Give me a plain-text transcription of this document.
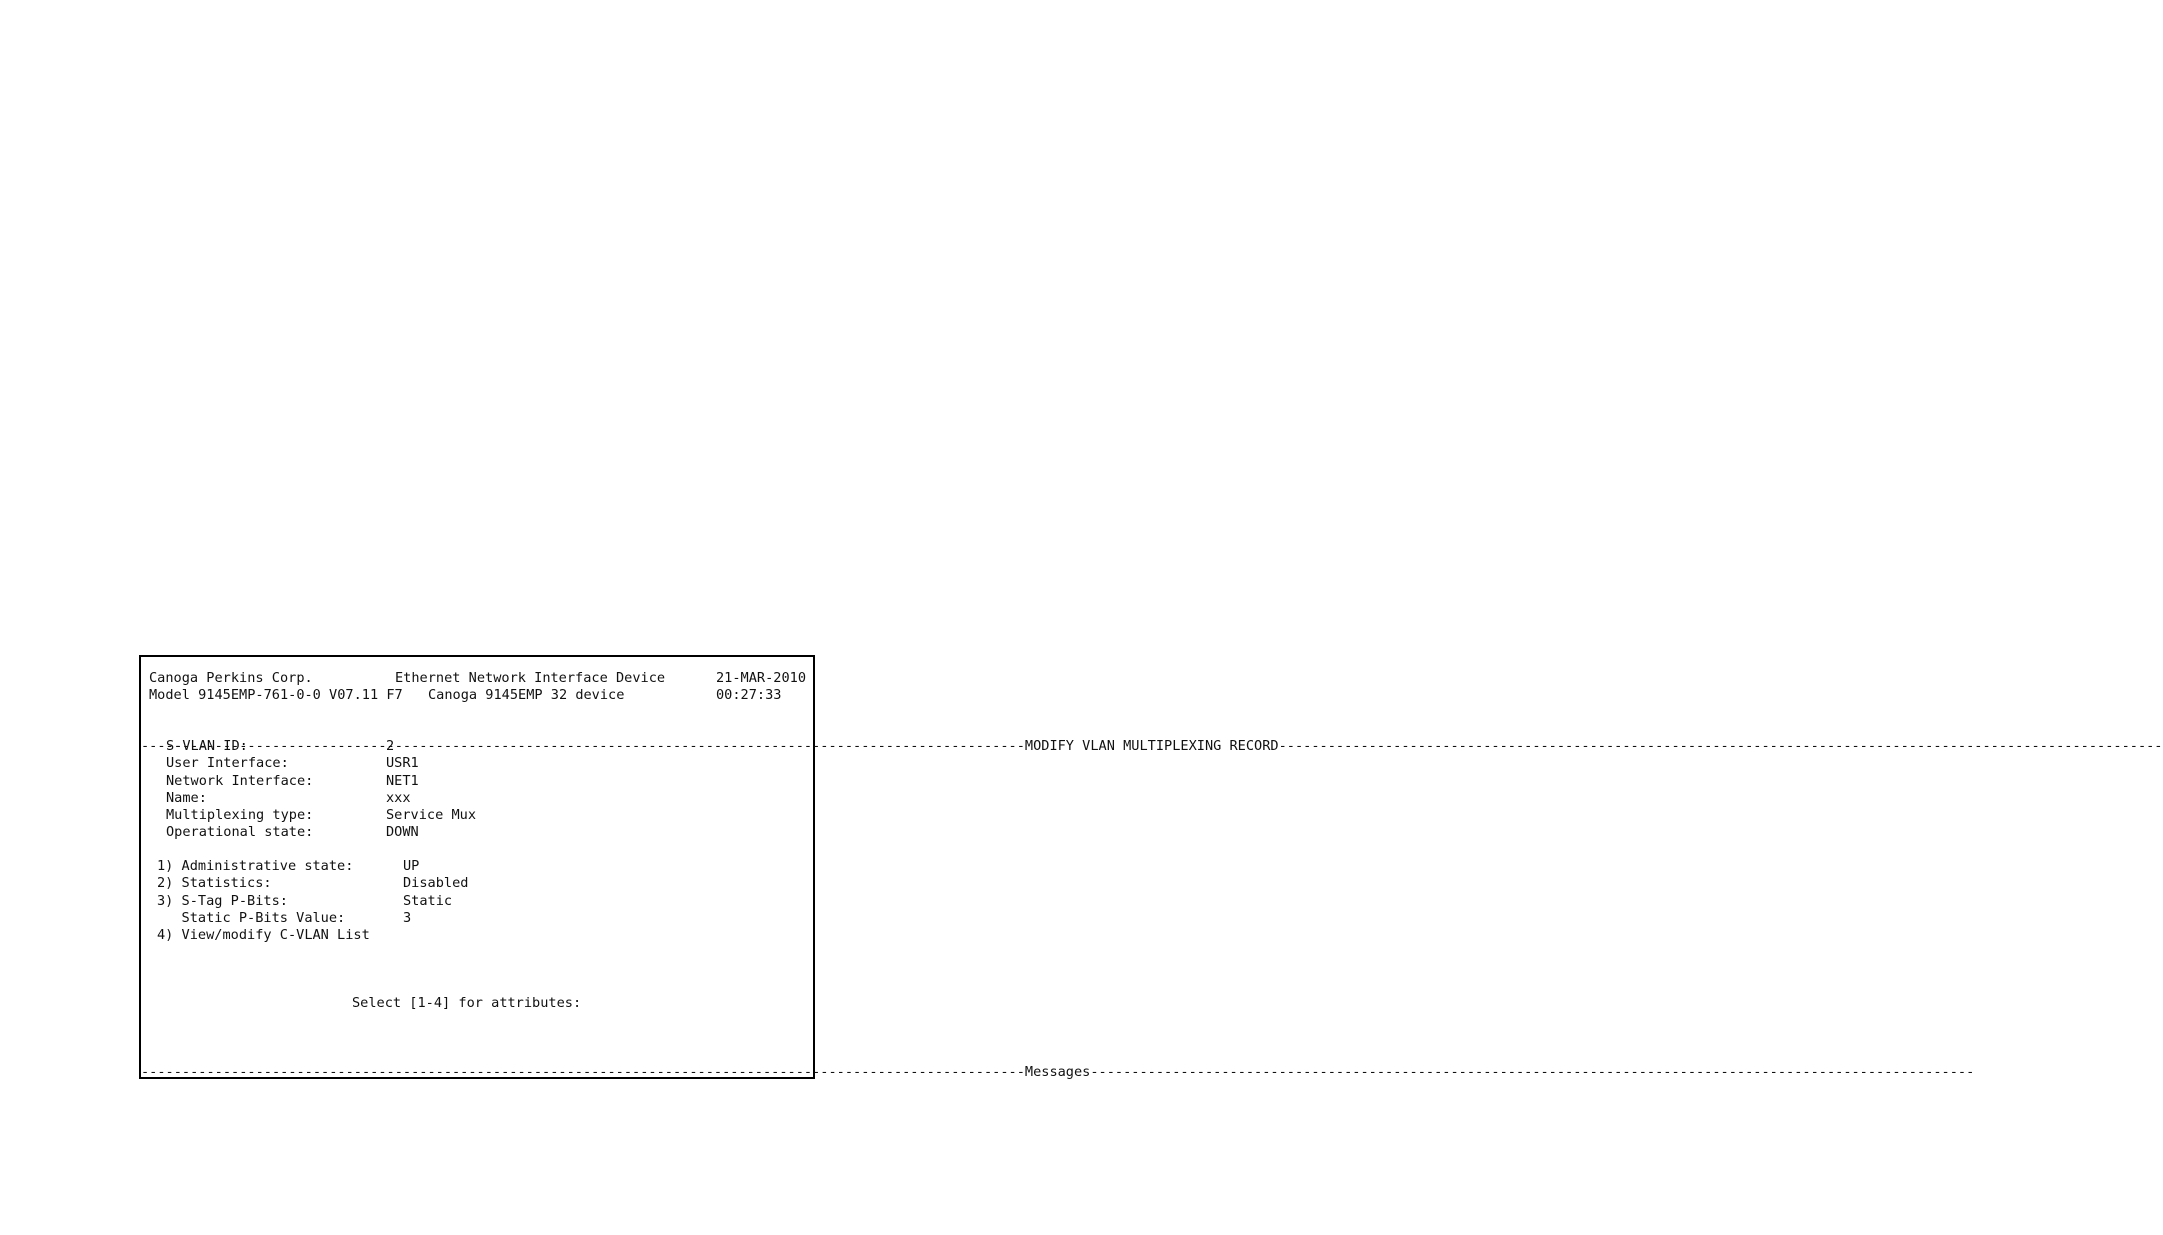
Canoga Perkins Corp.	Ethernet Network Interface Device	21-MAR-2010
Model 9145EMP-761-0-0 V07.11 F7 Canoga 9145EMP 32 device	00:27:33

-----
MODIFY VLAN MULTIPLEXING RECORD
-----

S-VLAN ID:	2
User Interface:	USR1
Network Interface:	NET1
Name:	xxx
Multiplexing type:	Service Mux
Operational state:	DOWN
1) Administrative state:	UP
2) Statistics:	Disabled
3) S-Tag P-Bits:	Static
Static P-Bits Value:	3
4) View/modify C-VLAN List
Select [1-4] for attributes:

-----
Messages
-----
